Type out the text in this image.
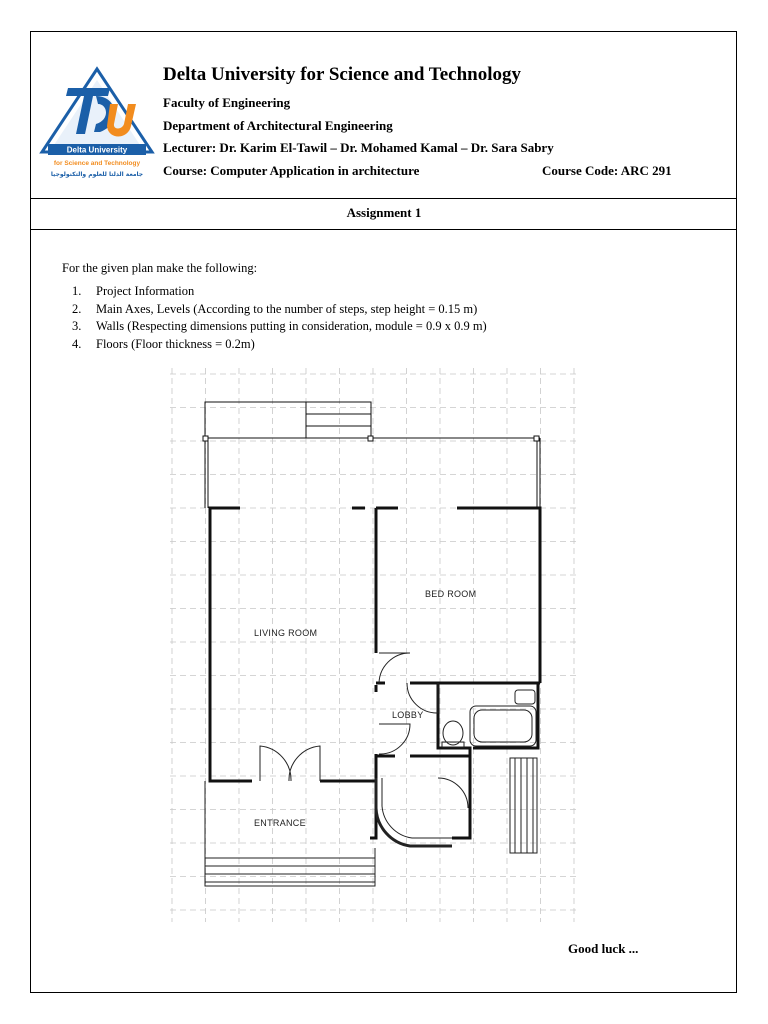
Delta University
for Science and Technology
جامعة الدلتا للعلوم والتكنولوجيا
Delta University for Science and Technology
Faculty of Engineering
Department of Architectural Engineering
Lecturer: Dr. Karim El-Tawil – Dr. Mohamed Kamal – Dr. Sara Sabry
Course: Computer Application in architecture	Course Code: ARC 291
Assignment 1
For the given plan make the following:
1. Project Information
2. Main Axes, Levels (According to the number of steps, step height = 0.15 m)
3. Walls (Respecting dimensions putting in consideration, module = 0.9 x 0.9 m)
4. Floors (Floor thickness = 0.2m)
BED ROOM
LIVING ROOM
LOBBY
ENTRANCE
Good luck ...
